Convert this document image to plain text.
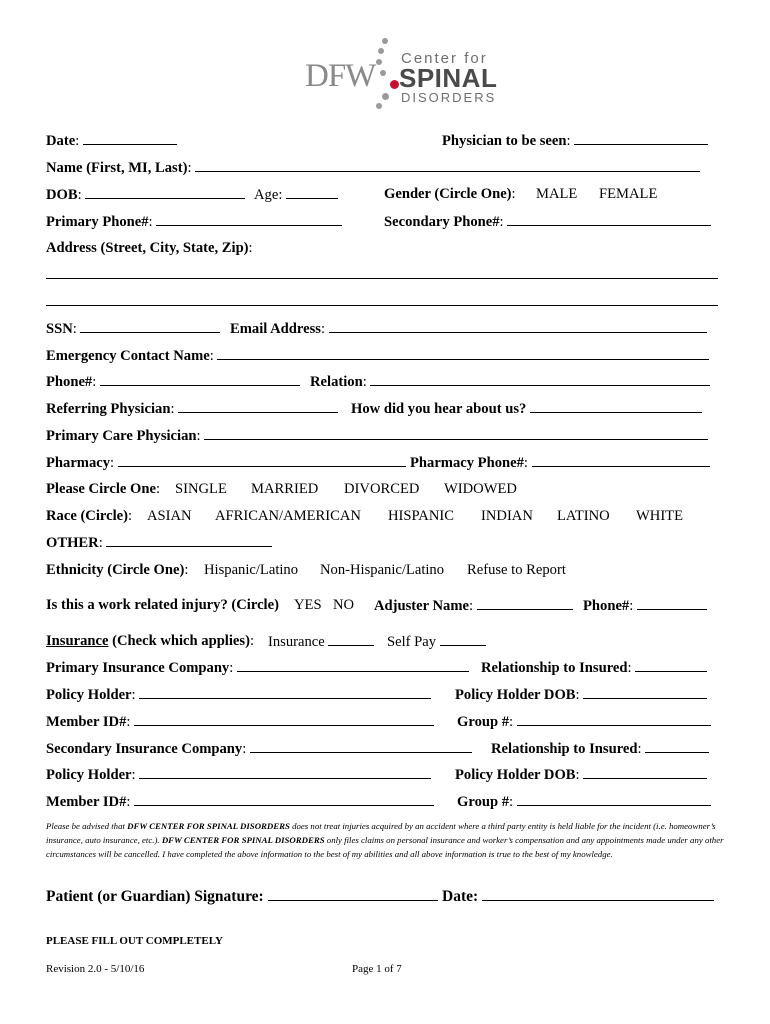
DFW Center for
SPINAL
DISORDERS
Date:	Physician to be seen:
Name (First, MI, Last):
DOB:	Age:	Gender (Circle One): MALE FEMALE
Primary Phone#:	Secondary Phone#:
Address (Street, City, State, Zip):
SSN:	Email Address:
Emergency Contact Name:
Phone#:	Relation:
Referring Physician:	How did you hear about us?
Primary Care Physician:
Pharmacy:	Pharmacy Phone#:
Please Circle One: SINGLE MARRIED DIVORCED WIDOWED
Race (Circle): ASIAN AFRICAN/AMERICAN HISPANIC INDIAN LATINO WHITE
OTHER:
Ethnicity (Circle One): Hispanic/Latino Non-Hispanic/Latino Refuse to Report
Is this a work related injury? (Circle) YES NO Adjuster Name:	Phone#:
Insurance (Check which applies): Insurance	Self Pay
Primary Insurance Company:	Relationship to Insured:
Policy Holder:	Policy Holder DOB:
Member ID#:	Group #:
Secondary Insurance Company:	Relationship to Insured:
Policy Holder:	Policy Holder DOB:
Member ID#:	Group #:
Please be advised that DFW CENTER FOR SPINAL DISORDERS does not treat injuries acquired by an accident where a third party entity is held liable for the incident (i.e. homeowner’s insurance, auto insurance, etc.). DFW CENTER FOR SPINAL DISORDERS only files claims on personal insurance and worker’s compensation and any appointments made under any other circumstances will be cancelled. I have completed the above information to the best of my abilities and all above information is true to the best of my knowledge.
Patient (or Guardian) Signature:	Date:
PLEASE FILL OUT COMPLETELY
Revision 2.0 - 5/10/16	Page 1 of 7
